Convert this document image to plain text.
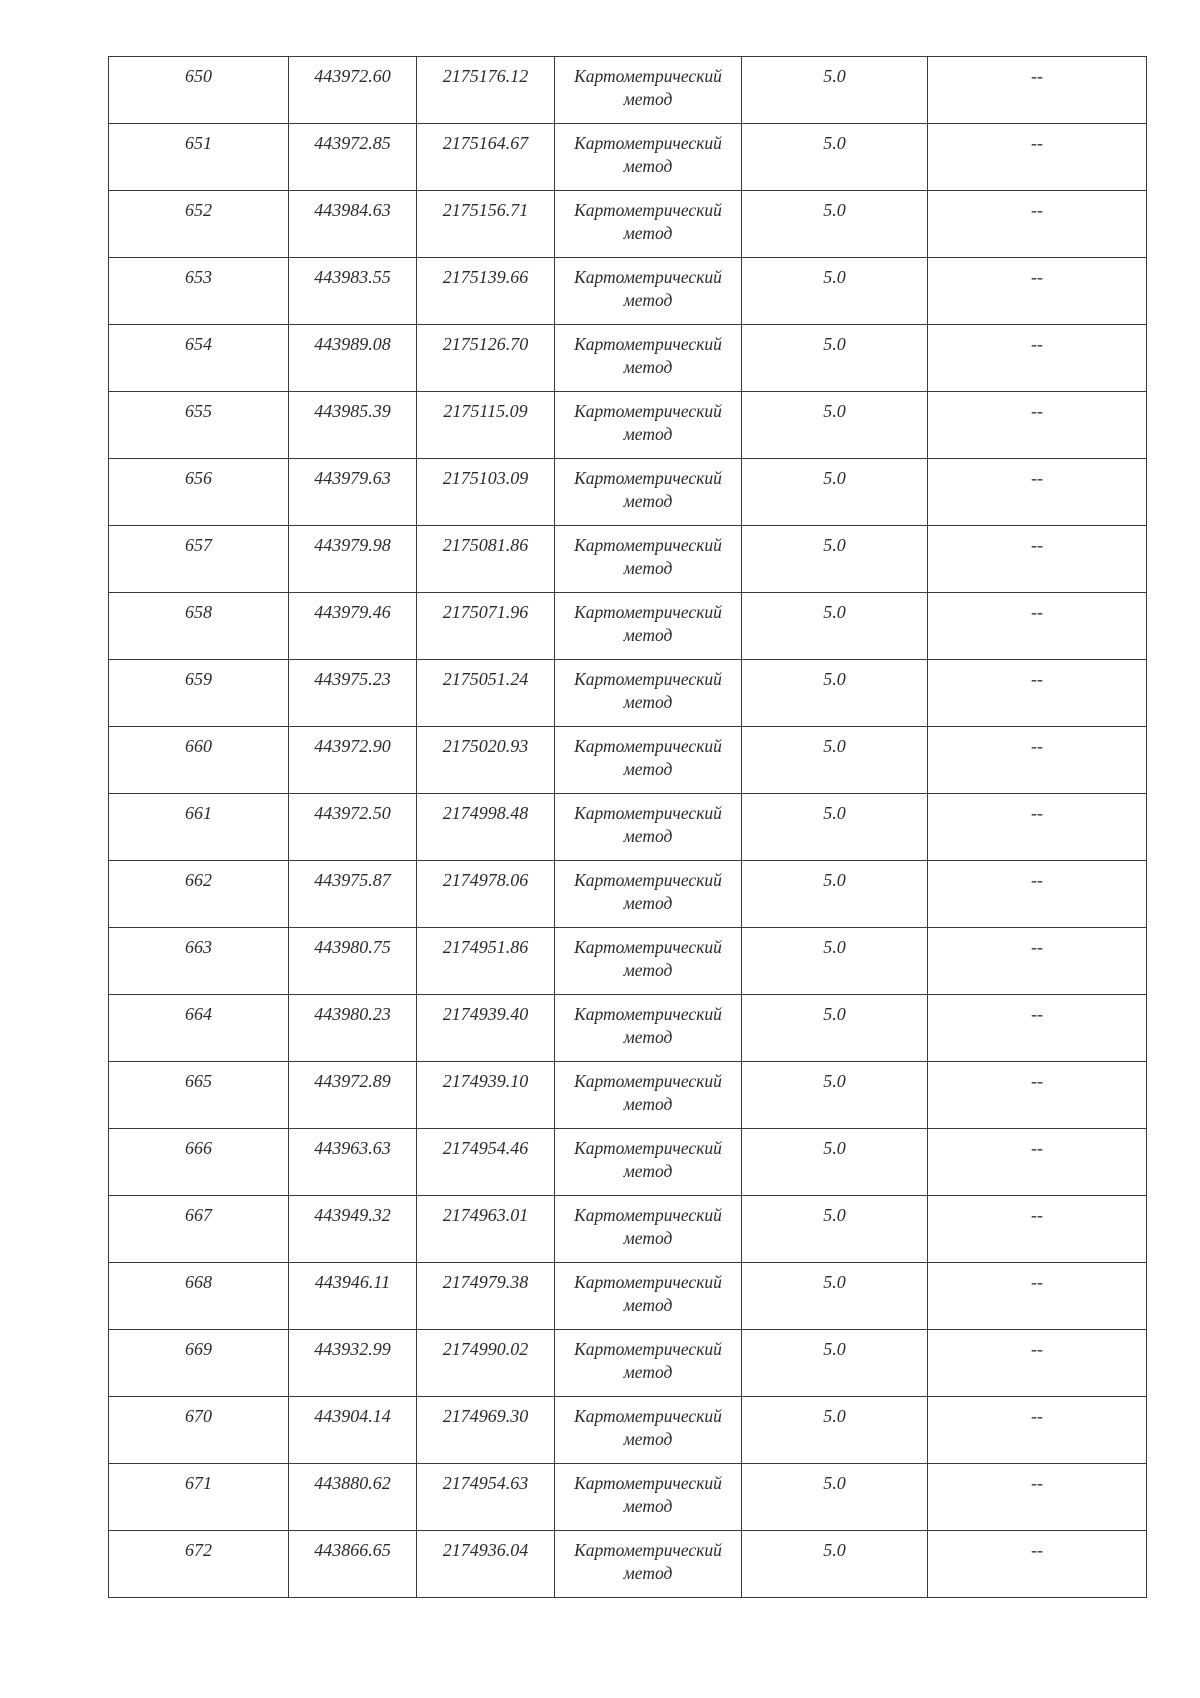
650	443972.60	2175176.12	Картометрический
метод	5.0	--

651	443972.85	2175164.67	Картометрический
метод	5.0	--

652	443984.63	2175156.71	Картометрический
метод	5.0	--

653	443983.55	2175139.66	Картометрический
метод	5.0	--

654	443989.08	2175126.70	Картометрический
метод	5.0	--

655	443985.39	2175115.09	Картометрический
метод	5.0	--

656	443979.63	2175103.09	Картометрический
метод	5.0	--

657	443979.98	2175081.86	Картометрический
метод	5.0	--

658	443979.46	2175071.96	Картометрический
метод	5.0	--

659	443975.23	2175051.24	Картометрический
метод	5.0	--

660	443972.90	2175020.93	Картометрический
метод	5.0	--

661	443972.50	2174998.48	Картометрический
метод	5.0	--

662	443975.87	2174978.06	Картометрический
метод	5.0	--

663	443980.75	2174951.86	Картометрический
метод	5.0	--

664	443980.23	2174939.40	Картометрический
метод	5.0	--

665	443972.89	2174939.10	Картометрический
метод	5.0	--

666	443963.63	2174954.46	Картометрический
метод	5.0	--

667	443949.32	2174963.01	Картометрический
метод	5.0	--

668	443946.11	2174979.38	Картометрический
метод	5.0	--

669	443932.99	2174990.02	Картометрический
метод	5.0	--

670	443904.14	2174969.30	Картометрический
метод	5.0	--

671	443880.62	2174954.63	Картометрический
метод	5.0	--

672	443866.65	2174936.04	Картометрический
метод	5.0	--
